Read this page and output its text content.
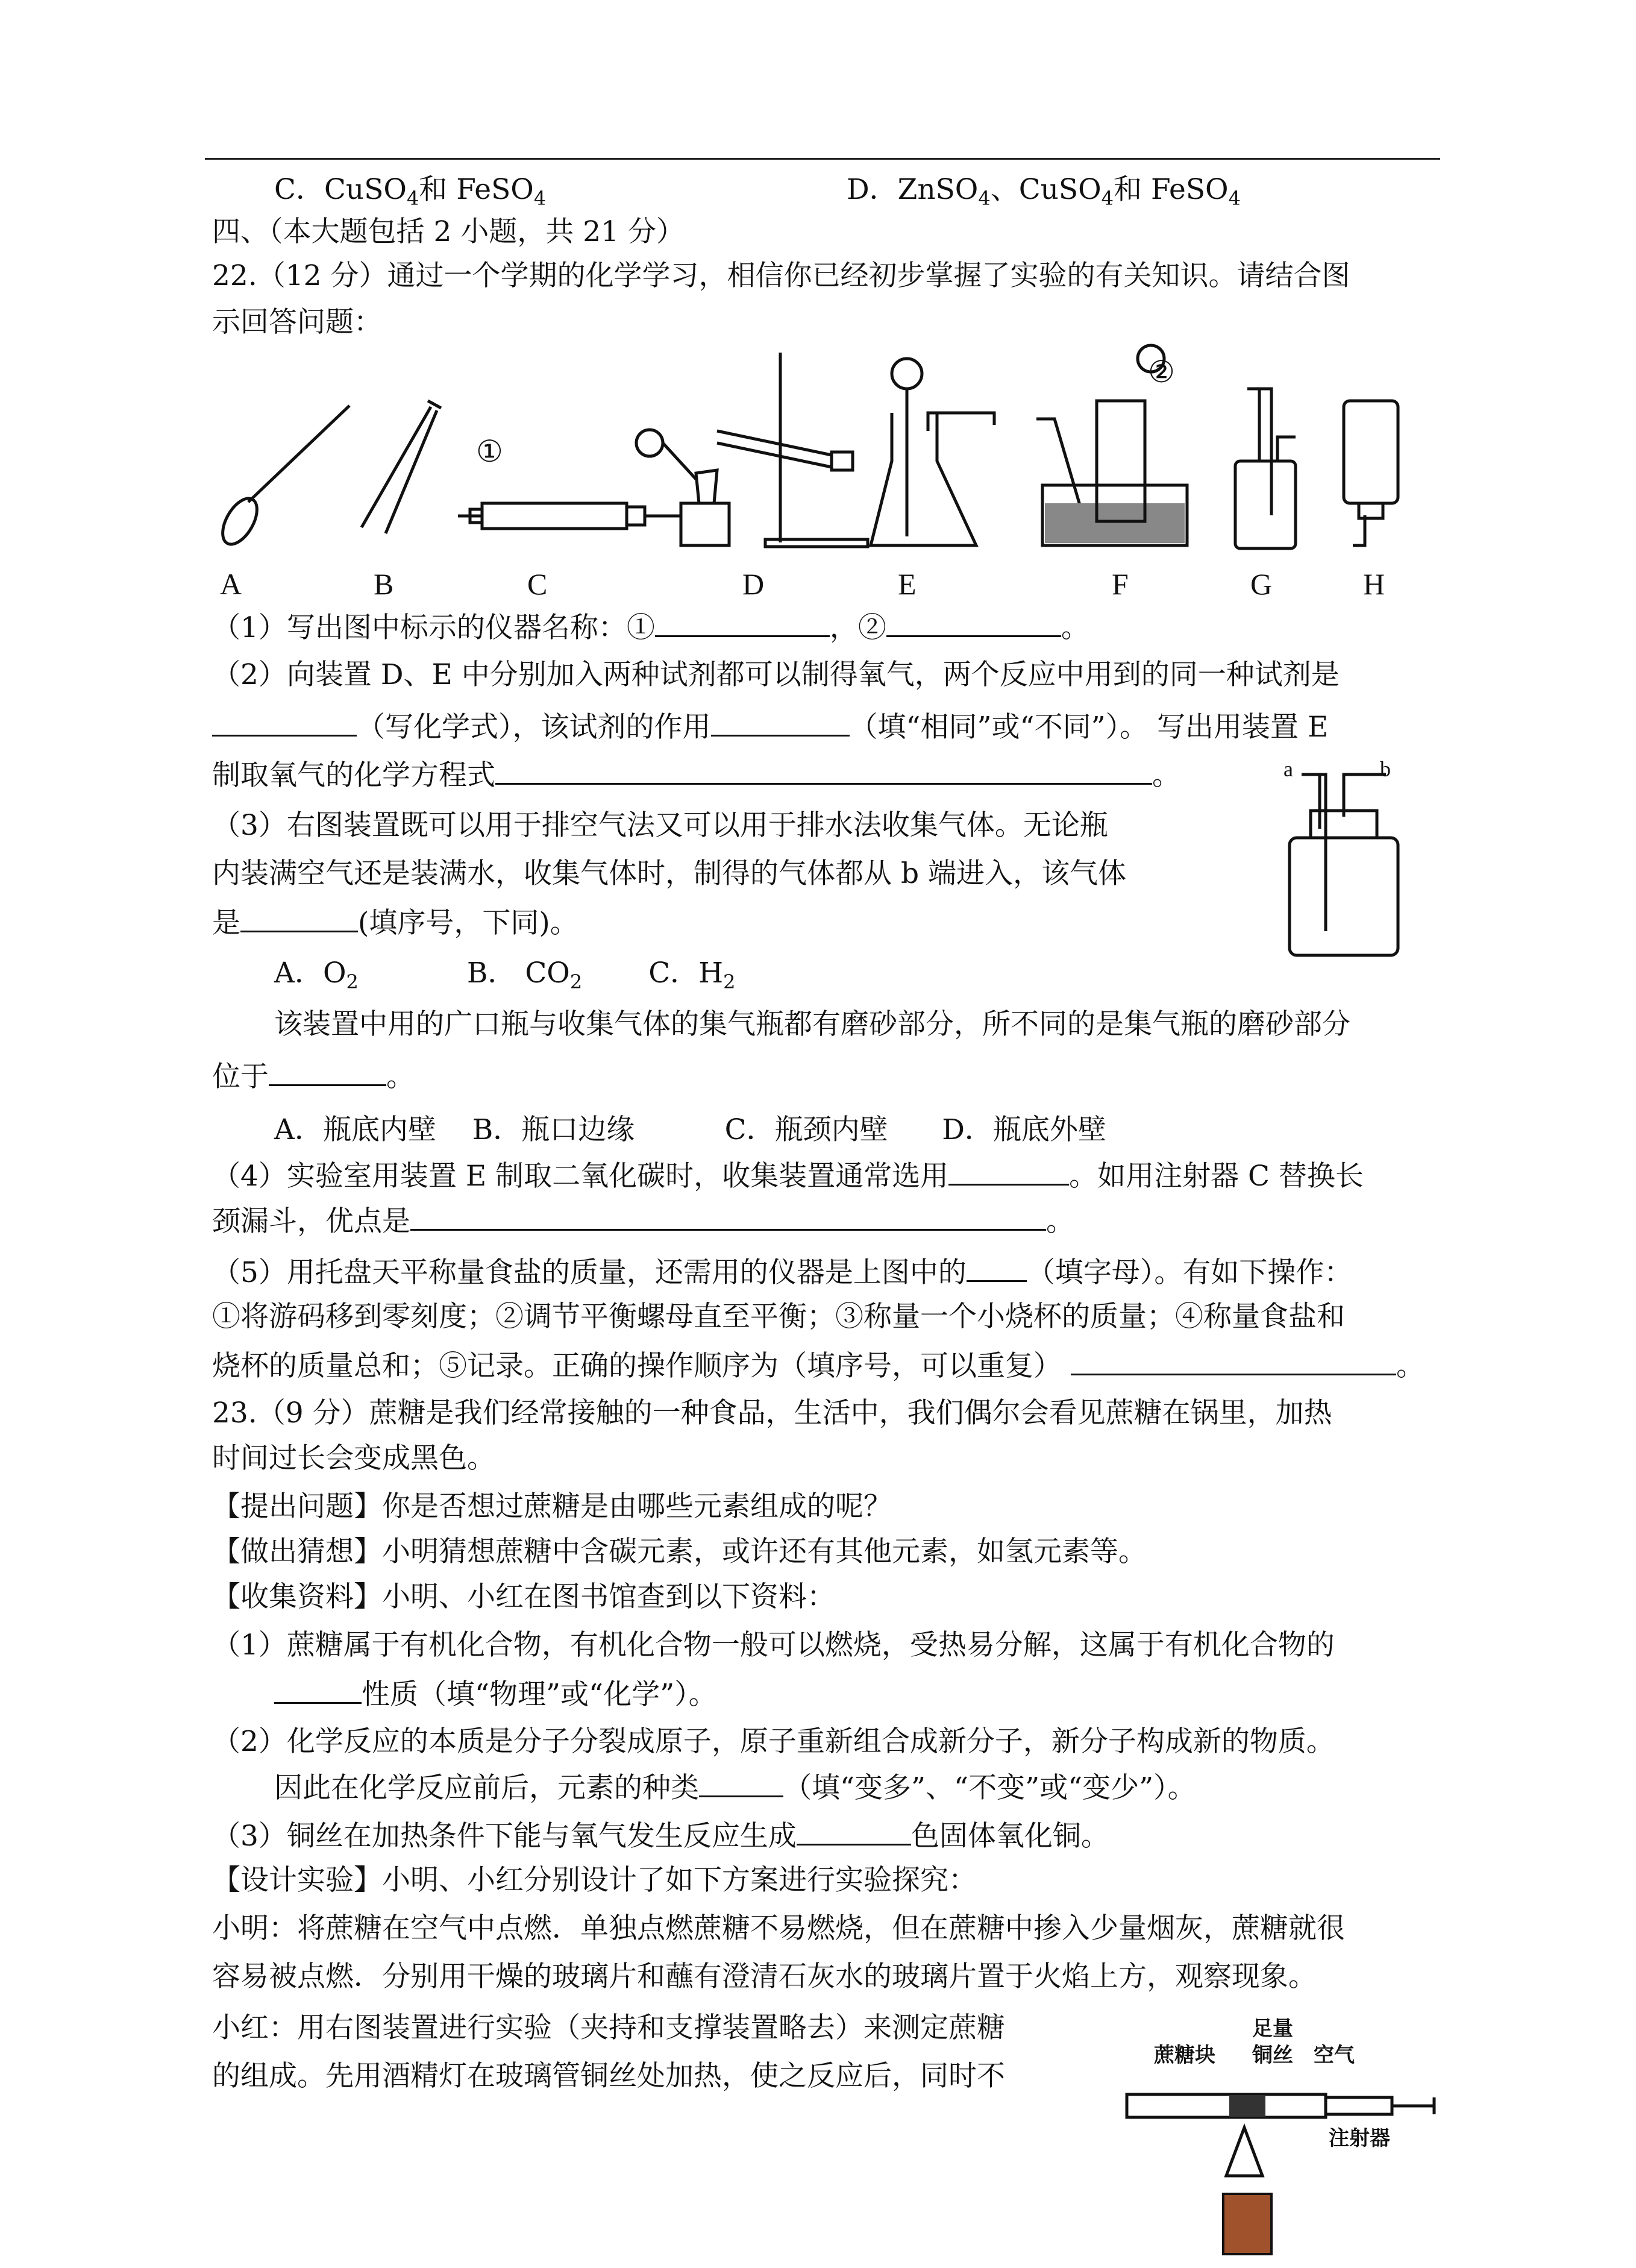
C．CuSO$_4$和 FeSO$_4$	D．ZnSO$_4$、CuSO$_4$和 FeSO$_4$
四、（本大题包括 2 小题，共 21 分）
22.（12 分）通过一个学期的化学学习，相信你已经初步掌握了实验的有关知识。请结合图
示回答问题：
①
②
A	B	C	D	E	F	G	H
（1）写出图中标示的仪器名称：①	，②	。
（2）向装置 D、E 中分别加入两种试剂都可以制得氧气，两个反应中用到的同一种试剂是
（写化学式），该试剂的作用	（填“相同”或“不同”）。 写出用装置 E
制取氧气的化学方程式	。	a	b
（3）右图装置既可以用于排空气法又可以用于排水法收集气体。无论瓶
内装满空气还是装满水，收集气体时，制得的气体都从 b 端进入，该气体
是	(填序号，下同)。
A．$O_2$	B． $CO_2$ C．$H_2$
该装置中用的广口瓶与收集气体的集气瓶都有磨砂部分，所不同的是集气瓶的磨砂部分
位于	。
A．瓶底内壁    B．瓶口边缘          C．瓶颈内壁      D．瓶底外壁
（4）实验室用装置 E 制取二氧化碳时，收集装置通常选用	。如用注射器 C 替换长
颈漏斗，优点是	。
（5）用托盘天平称量食盐的质量，还需用的仪器是上图中的 （填字母）。有如下操作：
①将游码移到零刻度；②调节平衡螺母直至平衡；③称量一个小烧杯的质量；④称量食盐和
烧杯的质量总和；⑤记录。正确的操作顺序为（填序号，可以重复）	。
23.（9 分）蔗糖是我们经常接触的一种食品，生活中，我们偶尔会看见蔗糖在锅里，加热
时间过长会变成黑色。
【提出问题】你是否想过蔗糖是由哪些元素组成的呢？
【做出猜想】小明猜想蔗糖中含碳元素，或许还有其他元素，如氢元素等。
【收集资料】小明、小红在图书馆查到以下资料：
（1）蔗糖属于有机化合物，有机化合物一般可以燃烧，受热易分解，这属于有机化合物的
性质（填“物理”或“化学”）。
（2）化学反应的本质是分子分裂成原子，原子重新组合成新分子，新分子构成新的物质。
因此在化学反应前后，元素的种类	（填“变多”、“不变”或“变少”）。
（3）铜丝在加热条件下能与氧气发生反应生成	色固体氧化铜。
【设计实验】小明、小红分别设计了如下方案进行实验探究：
小明：将蔗糖在空气中点燃．单独点燃蔗糖不易燃烧，但在蔗糖中掺入少量烟灰，蔗糖就很
容易被点燃．分别用干燥的玻璃片和蘸有澄清石灰水的玻璃片置于火焰上方，观察现象。
小红：用右图装置进行实验（夹持和支撑装置略去）来测定蔗糖
的组成。先用酒精灯在玻璃管铜丝处加热，使之反应后，同时不
足量
铜丝
蔗糖块	空气
注射器
